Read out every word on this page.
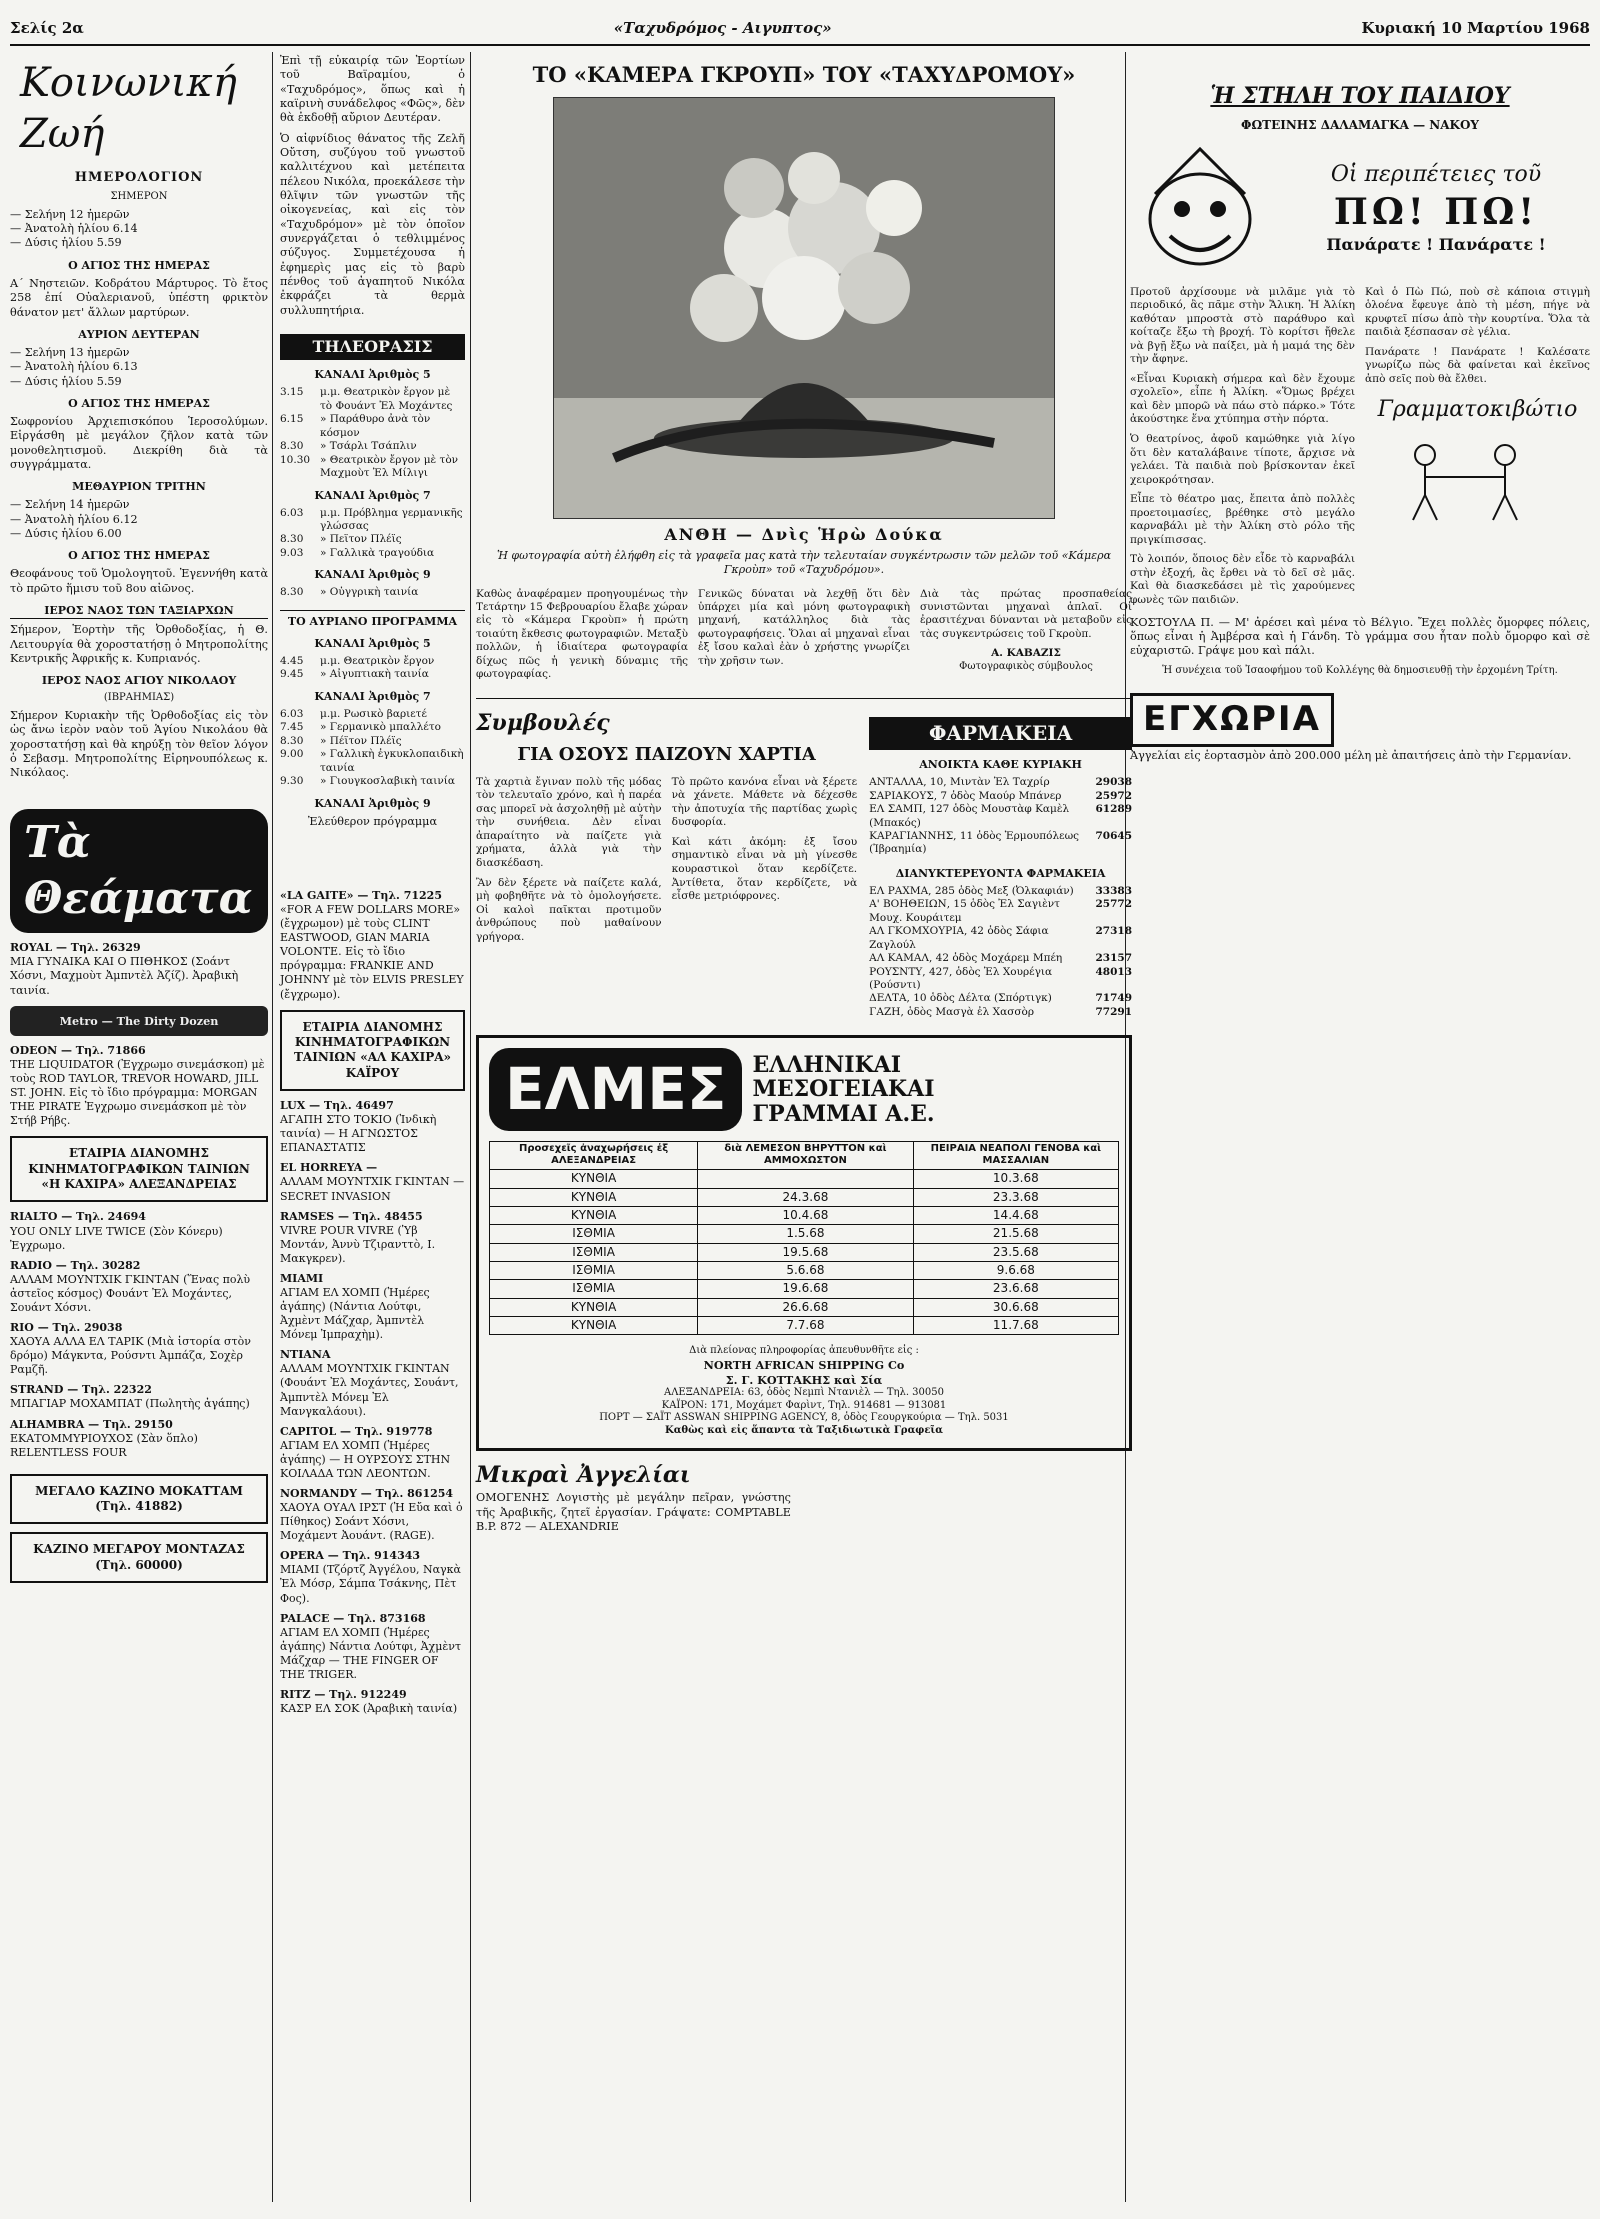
Σελίς 2α	«Ταχυδρόμος - Αιγυπτος»	Κυριακή 10 Μαρτίου 1968
Κοινωνική Ζωή
ΗΜΕΡΟΛΟΓΙΟΝ
ΣΗΜΕΡΟΝ
— Σελήνη 12 ἡμερῶν
— Ἀνατολὴ ἡλίου 6.14
— Δύσις ἡλίου 5.59
Ο ΑΓΙΟΣ ΤΗΣ ΗΜΕΡΑΣ

Α΄ Νηστειῶν. Κοδράτου Μάρτυρος. Τὸ ἔτος 258 ἐπί Οὐαλεριανοῦ, ὑπέστη φρικτὸν θάνατον μετ' ἄλλων μαρτύρων.

ΑΥΡΙΟΝ ΔΕΥΤΕΡΑΝ
— Σελήνη 13 ἡμερῶν
— Ἀνατολὴ ἡλίου 6.13
— Δύσις ἡλίου 5.59
Ο ΑΓΙΟΣ ΤΗΣ ΗΜΕΡΑΣ

Σωφρονίου Ἀρχιεπισκόπου Ἱεροσολύμων. Εἰργάσθη μὲ μεγάλον ζῆλον κατὰ τῶν μονοθελητισμοῦ. Διεκρίθη διὰ τὰ συγγράμματα.

ΜΕΘΑΥΡΙΟΝ ΤΡΙΤΗΝ
— Σελήνη 14 ἡμερῶν
— Ἀνατολὴ ἡλίου 6.12
— Δύσις ἡλίου 6.00
Ο ΑΓΙΟΣ ΤΗΣ ΗΜΕΡΑΣ

Θεοφάνους τοῦ Ὁμολογητοῦ. Ἐγεννήθη κατὰ τὸ πρῶτο ἥμισυ τοῦ 8ου αἰῶνος.

ΙΕΡΟΣ ΝΑΟΣ ΤΩΝ ΤΑΞΙΑΡΧΩΝ

Σήμερον, Ἑορτὴν τῆς Ὀρθοδοξίας, ἡ Θ. Λειτουργία θὰ χοροστατήσῃ ὁ Μητροπολίτης Κεντρικῆς Ἀφρικῆς κ. Κυπριανός.

ΙΕΡΟΣ ΝΑΟΣ ΑΓΙΟΥ ΝΙΚΟΛΑΟΥ
(ΙΒΡΑΗΜΙΑΣ)

Σήμερον Κυριακὴν τῆς Ὀρθοδοξίας εἰς τὸν ὡς ἄνω ἱερὸν ναὸν τοῦ Ἁγίου Νικολάου θὰ χοροστατήσῃ καὶ θὰ κηρύξῃ τὸν θεῖον λόγον ὁ Σεβασμ. Μητροπολίτης Εἰρηνουπόλεως κ. Νικόλαος.

Τὰ Θεάματα
ROYAL — Τηλ. 26329
ΜΙΑ ΓΥΝΑΙΚΑ ΚΑΙ Ο ΠΙΘΗΚΟΣ (Σοάντ Χόσνι, Μαχμοὺτ Ἀμπντὲλ Ἀζίζ). Ἀραβικὴ ταινία.
Metro — The Dirty Dozen
ODEON — Τηλ. 71866
THE LIQUIDATOR (Ἐγχρωμο σινεμάσκοπ) μὲ τοὺς ROD TAYLOR, TREVOR HOWARD, JILL ST. JOHN. Εἰς τὸ ἴδιο πρόγραμμα: MORGAN THE PIRATE Ἐγχρωμο σινεμάσκοπ μὲ τὸν Στήβ Ρήβς.
ΕΤΑΙΡΙΑ ΔΙΑΝΟΜΗΣ ΚΙΝΗΜΑΤΟΓΡΑΦΙΚΩΝ ΤΑΙΝΙΩΝ «Η ΚΑΧΙΡΑ» ΑΛΕΞΑΝΔΡΕΙΑΣ
RIALTO — Τηλ. 24694
YOU ONLY LIVE TWICE (Σὸν Κόνερυ) Ἐγχρωμο.
RADIO — Τηλ. 30282
ΑΛΛΑΜ ΜΟΥΝΤΧΙΚ ΓΚΙΝΤΑΝ (Ἕνας πολὺ ἀστεῖος κόσμος) Φουάντ Ἐλ Μοχάντες, Σουάντ Χόσνι.
RIO — Τηλ. 29038
ΧΑΟΥΑ ΑΛΛΑ ΕΛ ΤΑΡΙΚ (Μιὰ ἱστορία στὸν δρόμο) Μάγκντα, Ρούσντι Ἀμπάζα, Σοχὲρ Ραμζῆ.
STRAND — Τηλ. 22322
ΜΠΑΓΙΑΡ ΜΟΧΑΜΠΑΤ (Πωλητὴς ἀγάπης)
ALHAMBRA — Τηλ. 29150
ΕΚΑΤΟΜΜΥΡΙΟΥΧΟΣ (Σὰν ὅπλο) RELENTLESS FOUR
ΜΕΓΑΛΟ ΚΑΖΙΝΟ ΜΟΚΑΤΤΑΜ (Τηλ. 41882)
ΚΑΖΙΝΟ ΜΕΓΑΡΟΥ ΜΟΝΤΑΖΑΣ (Τηλ. 60000)

Ἐπὶ τῇ εὐκαιρίᾳ τῶν Ἑορτίων τοῦ Βαϊραμίου, ὁ «Ταχυδρόμος», ὅπως καὶ ἡ καϊρινὴ συνάδελφος «Φῶς», δὲν θὰ ἐκδοθῇ αὔριον Δευτέραν.

Ὁ αἰφνίδιος θάνατος τῆς Ζελῆ Οὔτση, συζύγου τοῦ γνωστοῦ καλλιτέχνου καὶ μετέπειτα πέλεου Νικόλα, προεκάλεσε τὴν θλῖψιν τῶν γνωστῶν τῆς οἰκογενείας, καὶ εἰς τὸν «Ταχυδρόμον» μὲ τὸν ὁποῖον συνεργάζεται ὁ τεθλιμμένος σύζυγος. Συμμετέχουσα ἡ ἐφημερὶς μας εἰς τὸ βαρὺ πένθος τοῦ ἀγαπητοῦ Νικόλα ἐκφράζει τὰ θερμὰ συλλυπητήρια.

ΤΗΛΕΟΡΑΣΙΣ
ΚΑΝΑΛΙ Ἀριθμὸς 5
3.15	μ.μ. Θεατρικὸν ἔργον μὲ τὸ Φουάντ Ἐλ Μοχάντες
6.15	» Παράθυρο ἀνὰ τὸν κόσμον
8.30	» Τσάρλι Τσάπλιν
10.30 » Θεατρικὸν ἔργον μὲ τὸν Μαχμοὺτ Ἐλ Μίλιγι
ΚΑΝΑΛΙ Ἀριθμὸς 7
6.03	μ.μ. Πρόβλημα γερμανικῆς γλώσσας
8.30	» Πεϊτον Πλέϊς
9.03	» Γαλλικὰ τραγούδια
ΚΑΝΑΛΙ Ἀριθμὸς 9
8.30	» Οὐγγρικὴ ταινία
ΤΟ ΑΥΡΙΑΝΟ ΠΡΟΓΡΑΜΜΑ
ΚΑΝΑΛΙ Ἀριθμὸς 5
4.45	μ.μ. Θεατρικὸν ἔργον
9.45	» Αἰγυπτιακὴ ταινία
ΚΑΝΑΛΙ Ἀριθμὸς 7
6.03	μ.μ. Ρωσικὸ βαριετέ
7.45	» Γερμανικὸ μπαλλέτο
8.30	» Πέϊτον Πλέϊς
9.00	» Γαλλικὴ ἐγκυκλοπαιδικὴ ταινία
9.30	» Γιουγκοσλαβικὴ ταινία
ΚΑΝΑΛΙ Ἀριθμὸς 9
Ἐλεύθερον πρόγραμμα
«LA GAITE» — Τηλ. 71225
«FOR A FEW DOLLARS MORE» (ἔγχρωμον) μὲ τοὺς CLINT EASTWOOD, GIAN MARIA VOLONTE. Εἰς τὸ ἴδιο πρόγραμμα: FRANKIE AND JOHNNY μὲ τὸν ELVIS PRESLEY (ἔγχρωμο).
ΕΤΑΙΡΙΑ ΔΙΑΝΟΜΗΣ ΚΙΝΗΜΑΤΟΓΡΑΦΙΚΩΝ ΤΑΙΝΙΩΝ «ΑΛ ΚΑΧΙΡΑ» ΚΑΪΡΟΥ
LUX — Τηλ. 46497
ΑΓΑΠΗ ΣΤΟ ΤΟΚΙΟ (Ἰνδικὴ ταινία) — Η ΑΓΝΩΣΤΟΣ ΕΠΑΝΑΣΤΑΤΙΣ
EL HORREYA —
ΑΛΛΑΜ ΜΟΥΝΤΧΙΚ ΓΚΙΝΤΑΝ — SECRET INVASION
RAMSES — Τηλ. 48455
VIVRE POUR VIVRE (Ὑβ Μοντάν, Ἀννὺ Τζιρανττὸ, Ι. Μακγκρεν).
MIAMI
ΑΓΙΑΜ ΕΛ ΧΟΜΠ (Ἡμέρες ἀγάπης) (Νάντια Λούτφι, Ἀχμὲντ Μάζχαρ, Ἀμπντὲλ Μόνεμ Ἰμπραχὴμ).
NTIANA
ΑΛΛΑΜ ΜΟΥΝΤΧΙΚ ΓΚΙΝΤΑΝ (Φουάντ Ἐλ Μοχάντες, Σουάντ, Ἀμπντὲλ Μόνεμ Ἐλ Μανγκαλάουι).
CAPITOL — Τηλ. 919778
ΑΓΙΑΜ ΕΛ ΧΟΜΠ (Ἡμέρες ἀγάπης) — Η ΟΥΡΣΟΥΣ ΣΤΗΝ ΚΟΙΛΑΔΑ ΤΩΝ ΛΕΟΝΤΩΝ.
NORMANDY — Τηλ. 861254
ΧΑΟΥΑ ΟΥΑΛ ΙΡΣΤ (Ἡ Εὔα καὶ ὁ Πίθηκος) Σοάντ Χόσνι, Μοχάμεντ Ἀουάντ. (RAGE).
OPERA — Τηλ. 914343
ΜΙΑΜΙ (Τζόρτζ Ἀγγέλου, Ναγκὰ Ἐλ Μόσρ, Σάμπα Τσάκνης, Πὲτ Φος).
PALACE — Τηλ. 873168
ΑΓΙΑΜ ΕΛ ΧΟΜΠ (Ἡμέρες ἀγάπης) Νάντια Λούτφι, Ἀχμὲντ Μάζχαρ — THE FINGER OF THE TRIGER.
RITZ — Τηλ. 912249
ΚΑΣΡ ΕΛ ΣΟΚ (Ἀραβικὴ ταινία)
ΤΟ «ΚΑΜΕΡΑ ΓΚΡΟΥΠ» ΤΟΥ «ΤΑΧΥΔΡΟΜΟΥ»
ΑΝΘΗ — Δνὶς Ἡρὼ Δούκα
Ἡ φωτογραφία αὐτὴ ἐλήφθη εἰς τὰ γραφεῖα μας κατὰ τὴν τελευταίαν συγκέντρωσιν τῶν μελῶν τοῦ «Κάμερα Γκροὺπ» τοῦ «Ταχυδρόμου».

Καθὼς ἀναφέραμεν προηγουμένως τὴν Τετάρτην 15 Φεβρουαρίου ἔλαβε χώραν εἰς τὸ «Κάμερα Γκροὺπ» ἡ πρώτη τοιαύτη ἔκθεσις φωτογραφιῶν. Μεταξὺ πολλῶν, ἡ ἰδιαίτερα φωτογραφία δίχως πῶς ἡ γενικὴ δύναμις τῆς φωτογραφίας.

Γενικῶς δύναται νὰ λεχθῇ ὅτι δὲν ὑπάρχει μία καὶ μόνη φωτογραφικὴ μηχανή, κατάλληλος διὰ τὰς φωτογραφήσεις. Ὅλαι αἱ μηχαναὶ εἶναι ἐξ ἴσου καλαὶ ἐὰν ὁ χρήστης γνωρίζει τὴν χρῆσιν των.

Διὰ τὰς πρώτας προσπαθείας συνιστῶνται μηχαναὶ ἁπλαῖ. Οἱ ἐρασιτέχναι δύνανται νὰ μεταβοῦν εἰς τὰς συγκεντρώσεις τοῦ Γκροὺπ.

Α. ΚΑΒΑΖΙΣ
Φωτογραφικὸς σύμβουλος
Συμβουλές
ΓΙΑ ΟΣΟΥΣ ΠΑΙΖΟΥΝ ΧΑΡΤΙΑ

Τὰ χαρτιὰ ἔγιναν πολὺ τῆς μόδας τὸν τελευταῖο χρόνο, καὶ ἡ παρέα σας μπορεῖ νὰ ἀσχοληθῇ μὲ αὐτὴν τὴν συνήθεια. Δὲν εἶναι ἀπαραίτητο νὰ παίζετε γιὰ χρήματα, ἀλλὰ γιὰ τὴν διασκέδαση.

Ἂν δὲν ξέρετε νὰ παίζετε καλά, μὴ φοβηθῆτε νὰ τὸ ὁμολογήσετε. Οἱ καλοὶ παῖκται προτιμοῦν ἀνθρώπους ποὺ μαθαίνουν γρήγορα.

Τὸ πρῶτο κανόνα εἶναι νὰ ξέρετε νὰ χάνετε. Μάθετε νὰ δέχεσθε τὴν ἀποτυχία τῆς παρτίδας χωρὶς δυσφορία.

Καὶ κάτι ἀκόμη: ἐξ ἴσου σημαντικὸ εἶναι νὰ μὴ γίνεσθε κουραστικοὶ ὅταν κερδίζετε. Ἀντίθετα, ὅταν κερδίζετε, νὰ εἶσθε μετριόφρονες.

ΦΑΡΜΑΚΕΙΑ
ΑΝΟΙΚΤΑ ΚΑΘΕ ΚΥΡΙΑΚΗ
ΑΝΤΑΛΛΑ, 10, Μιντὰν Ἐλ Ταχρίρ	29038
ΣΑΡΙΑΚΟΥΣ, 7 ὁδὸς Μαούρ Μπάνερ	25972
ΕΛ ΣΑΜΠ, 127 ὁδὸς Μουστὰφ Καμὲλ (Μπακός)
61289
ΚΑΡΑΓΙΑΝΝΗΣ, 11 ὁδὸς Ἑρμουπόλεως (Ἰβραημία)
70645
ΔΙΑΝΥΚΤΕΡΕΥΟΝΤΑ ΦΑΡΜΑΚΕΙΑ
ΕΛ ΡΑΧΜΑ, 285 ὁδὸς Μεξ (Ὀλκαφιάν) 33383
Α' ΒΟΗΘΕΙΩΝ, 15 ὁδὸς Ἐλ Σαγιὲντ Μουχ. Κουράιτεμ
25772
ΑΛ ΓΚΟΜΧΟΥΡΙΑ, 42 ὁδὸς Σάφια Ζαγλούλ
27318
ΑΛ ΚΑΜΑΛ, 42 ὁδὸς Μοχάρεμ Μπέη	23157
ΡΟΥΣΝΤΥ, 427, ὁδὸς Ἐλ Χουρέγια (Ρούσντι)
48013
ΔΕΛΤΑ, 10 ὁδὸς Δέλτα (Σπόρτιγκ)	71749
ΓΑΖΗ, ὁδὸς Μασγὰ ἐλ Χασσὸρ	77291
ΕΛΜΕΣ	ΕΛΛΗΝΙΚΑΙ
ΜΕΣΟΓΕΙΑΚΑΙ
ΓΡΑΜΜΑΙ Α.Ε.
Προσεχεῖς ἀναχωρήσεις ἐξ ΑΛΕΞΑΝΔΡΕΙΑΣ	διὰ ΛΕΜΕΣΟΝ ΒΗΡΥΤΤΟΝ καὶ ΑΜΜΟΧΩΣΤΟΝ	ΠΕΙΡΑΙΑ ΝΕΑΠΟΛΙ ΓΕΝΟΒΑ καὶ ΜΑΣΣΑΛΙΑΝ
ΚΥΝΘΙΑ		10.3.68
ΚΥΝΘΙΑ	24.3.68	23.3.68
ΚΥΝΘΙΑ	10.4.68	14.4.68
ΙΣΘΜΙΑ	1.5.68	21.5.68
ΙΣΘΜΙΑ	19.5.68	23.5.68
ΙΣΘΜΙΑ	5.6.68	9.6.68
ΙΣΘΜΙΑ	19.6.68	23.6.68
ΚΥΝΘΙΑ	26.6.68	30.6.68
ΚΥΝΘΙΑ	7.7.68	11.7.68
Διὰ πλείονας πληροφορίας ἀπευθυνθῆτε εἰς :
NORTH AFRICAN SHIPPING Co
Σ. Γ. ΚΟΤΤΑΚΗΣ καὶ Σία
ΑΛΕΞΑΝΔΡΕΙΑ: 63, ὁδὸς Νεμπὶ Ντανιὲλ — Τηλ. 30050
ΚΑΪΡΟΝ: 171, Μοχάμετ Φαρὶντ, Τηλ. 914681 — 913081
ΠΟΡΤ — ΣΑΪΤ ASSWAN SHIPPING AGENCY, 8, ὁδὸς Γεουργκούρια — Τηλ. 5031
Καθὼς καὶ εἰς ἅπαντα τὰ Ταξιδιωτικὰ Γραφεῖα
Μικραὶ Ἀγγελίαι

ΟΜΟΓΕΝΗΣ Λογιστὴς μὲ μεγάλην πεῖραν, γνώστης τῆς Ἀραβικῆς, ζητεῖ ἐργασίαν. Γράψατε: COMPTABLE B.P. 872 — ALEXANDRIE

Ἡ ΣΤΗΛΗ ΤΟΥ ΠΑΙΔΙΟΥ
ΦΩΤΕΙΝΗΣ ΔΑΛΑΜΑΓΚΑ — ΝΑΚΟΥ
Οἱ περιπέτειες τοῦ
ΠΩ! ΠΩ!
Πανάρατε ! Πανάρατε !

Προτοῦ ἀρχίσουμε νὰ μιλᾶμε γιὰ τὸ περιοδικό, ἂς πᾶμε στὴν Ἄλικη. Ἡ Ἀλίκη καθόταν μπροστὰ στὸ παράθυρο καὶ κοίταζε ἔξω τὴ βροχή. Τὸ κορίτσι ἤθελε νὰ βγῇ ἔξω νὰ παίξει, μὰ ἡ μαμά της δὲν τὴν ἄφηνε.

«Εἶναι Κυριακὴ σήμερα καὶ δὲν ἔχουμε σχολεῖο», εἶπε ἡ Ἀλίκη. «Ὅμως βρέχει καὶ δὲν μπορῶ νὰ πάω στὸ πάρκο.» Τότε ἀκούστηκε ἕνα χτύπημα στὴν πόρτα.

Ὁ θεατρίνος, ἀφοῦ καμώθηκε γιὰ λίγο ὅτι δὲν καταλάβαινε τίποτε, ἄρχισε νὰ γελάει. Τὰ παιδιὰ ποὺ βρίσκονταν ἐκεῖ χειροκρότησαν.

Εἶπε τὸ θέατρο μας, ἔπειτα ἀπὸ πολλὲς προετοιμασίες, βρέθηκε στὸ μεγάλο καρναβάλι μὲ τὴν Ἀλίκη στὸ ρόλο τῆς πριγκίπισσας.

Τὸ λοιπόν, ὅποιος δὲν εἶδε τὸ καρναβάλι στὴν ἐξοχή, ἂς ἔρθει νὰ τὸ δεῖ σὲ μᾶς. Καὶ θὰ διασκεδάσει μὲ τὶς χαρούμενες φωνὲς τῶν παιδιῶν.

Καὶ ὁ Πὼ Πώ, ποὺ σὲ κάποια στιγμὴ ὁλοένα ἔφευγε ἀπὸ τὴ μέση, πήγε νὰ κρυφτεῖ πίσω ἀπὸ τὴν κουρτίνα. Ὅλα τὰ παιδιὰ ξέσπασαν σὲ γέλια.

Πανάρατε ! Πανάρατε ! Καλέσατε γνωρίζω πὼς δὰ φαίνεται καὶ ἐκεῖνος ἀπὸ σεῖς ποὺ θὰ ἔλθει.

Γραμματοκιβώτιο

ΚΟΣΤΟΥΛΑ Π. — Μ' ἀρέσει καὶ μένα τὸ Βέλγιο. Ἔχει πολλὲς ὄμορφες πόλεις, ὅπως εἶναι ἡ Ἀμβέρσα καὶ ἡ Γάνδη. Τὸ γράμμα σου ἦταν πολὺ ὄμορφο καὶ σὲ εὐχαριστῶ. Γράψε μου καὶ πάλι.

Ἡ συνέχεια τοῦ Ἰσαοφήμου τοῦ Κολλέγης θὰ δημοσιευθῇ τὴν ἐρχομένη Τρίτη.

ΕΓΧΩΡΙΑ

Ἀγγελίαι εἰς ἑορτασμὸν ἀπὸ 200.000 μέλη μὲ ἀπαιτήσεις ἀπὸ τὴν Γερμανίαν.
